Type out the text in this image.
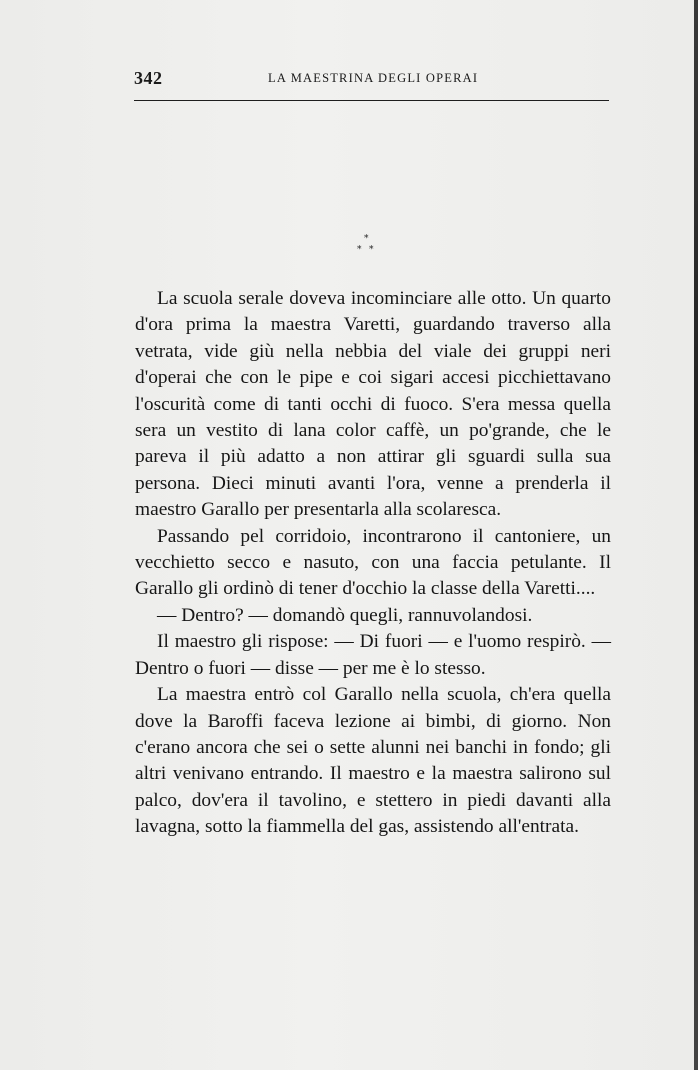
342	LA MAESTRINA DEGLI OPERAI
*
* *

La scuola serale doveva incominciare alle otto. Un quarto d'ora prima la maestra Varetti, guardando traverso alla vetrata, vide giù nella nebbia del viale dei gruppi neri d'operai che con le pipe e coi sigari accesi picchiettavano l'oscurità come di tanti occhi di fuoco. S'era messa quella sera un vestito di lana color caffè, un po'grande, che le pareva il più adatto a non attirar gli sguardi sulla sua persona. Dieci minuti avanti l'ora, venne a prenderla il maestro Garallo per presentarla alla scolaresca.

Passando pel corridoio, incontrarono il cantoniere, un vecchietto secco e nasuto, con una faccia petulante. Il Garallo gli ordinò di tener d'occhio la classe della Varetti....

— Dentro? — domandò quegli, rannuvolandosi.

Il maestro gli rispose: — Di fuori — e l'uomo respirò. — Dentro o fuori — disse — per me è lo stesso.

La maestra entrò col Garallo nella scuola, ch'era quella dove la Baroffi faceva lezione ai bimbi, di giorno. Non c'erano ancora che sei o sette alunni nei banchi in fondo; gli altri venivano entrando. Il maestro e la maestra salirono sul palco, dov'era il tavolino, e stettero in piedi davanti alla lavagna, sotto la fiammella del gas, assistendo all'entrata.
